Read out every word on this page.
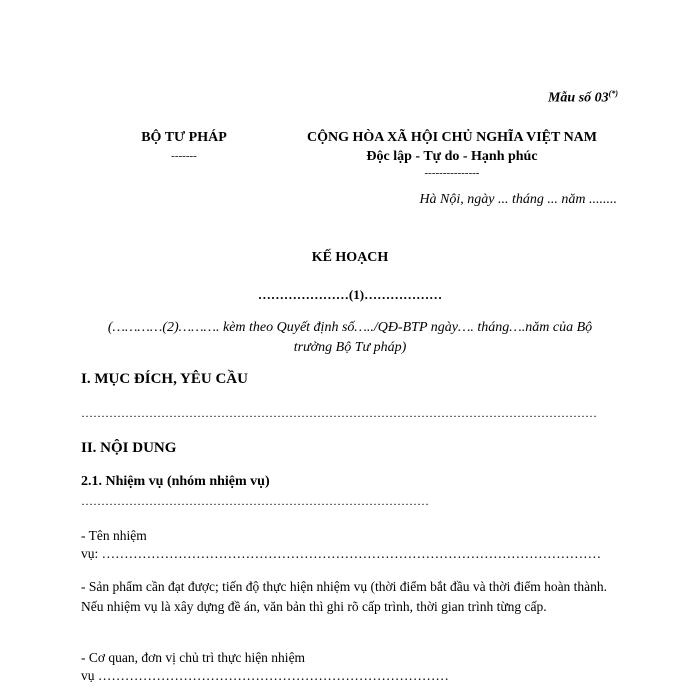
Mẫu số 03(*)
BỘ TƯ PHÁP
-------
CỘNG HÒA XÃ HỘI CHỦ NGHĨA VIỆT NAM
Độc lập - Tự do - Hạnh phúc
---------------
Hà Nội, ngày ... tháng ... năm ........
KẾ HOẠCH
…………………(1)………………
(…………(2)………. kèm theo Quyết định số…../QĐ-BTP ngày…. tháng….năm của Bộ trưởng Bộ Tư pháp)
I. MỤC ĐÍCH, YÊU CẦU
…………………………………………………………………………………………………………………
II. NỘI DUNG
2.1. Nhiệm vụ (nhóm nhiệm vụ)
……………………………………………………………………………
- Tên nhiệm
vụ: …………………………………………………………………………………………………
- Sản phẩm cần đạt được; tiến độ thực hiện nhiệm vụ (thời điểm bắt đầu và thời điểm hoàn thành. Nếu nhiệm vụ là xây dựng đề án, văn bản thì ghi rõ cấp trình, thời gian trình từng cấp.
- Cơ quan, đơn vị chủ trì thực hiện nhiệm
vụ ……………………………………………………………………
